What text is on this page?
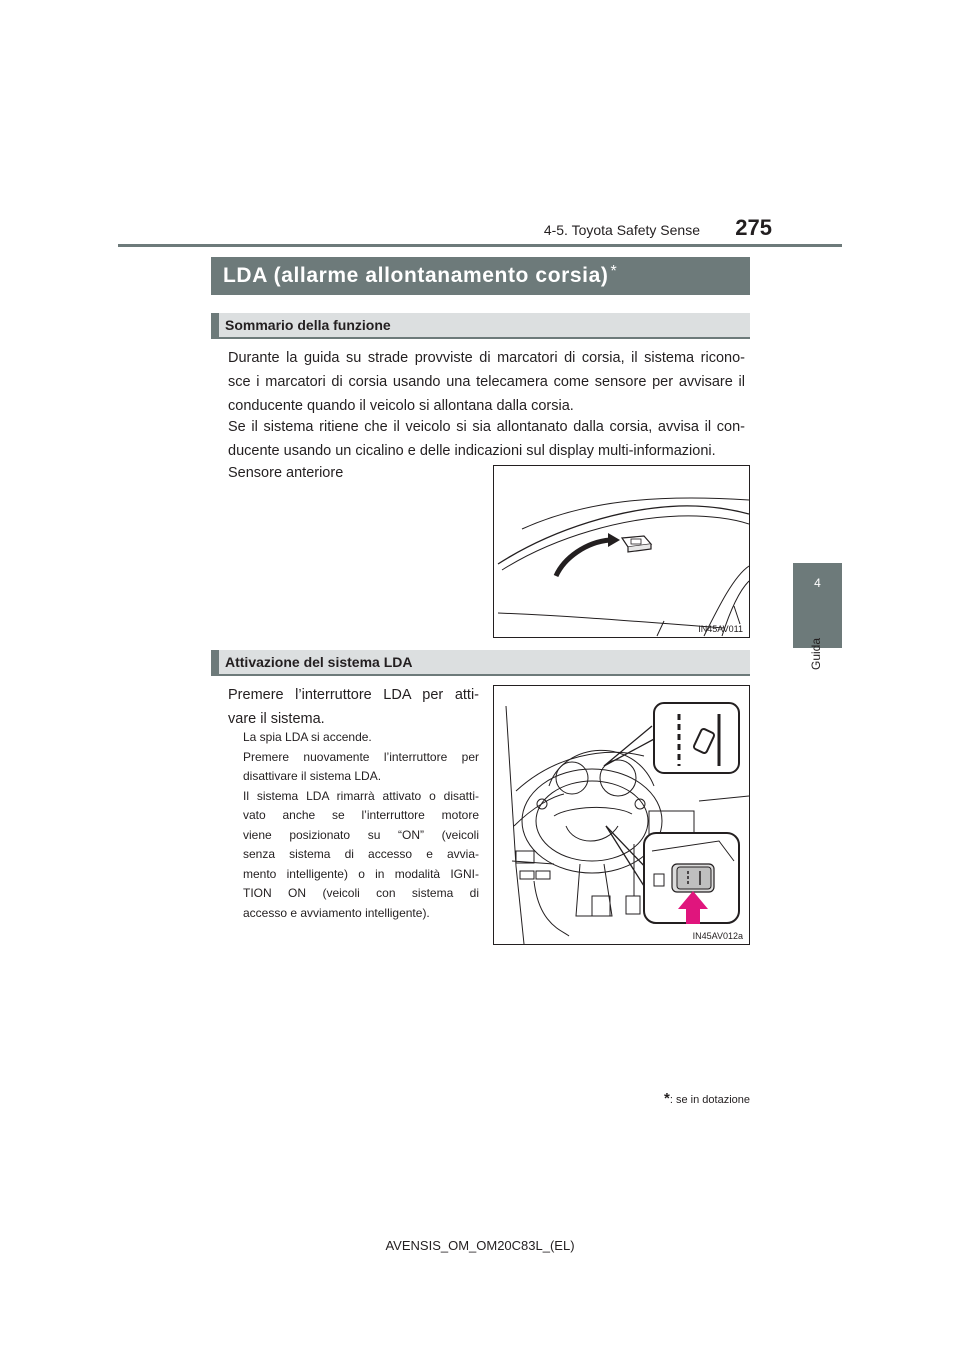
4-5. Toyota Safety Sense	275
4
Guida
LDA (allarme allontanamento corsia) *
Sommario della funzione
Durante la guida su strade provviste di marcatori di corsia, il sistema ricono-
sce i marcatori di corsia usando una telecamera come sensore per avvisare il
conducente quando il veicolo si allontana dalla corsia.
Se il sistema ritiene che il veicolo si sia allontanato dalla corsia, avvisa il con-
ducente usando un cicalino e delle indicazioni sul display multi-informazioni.
Sensore anteriore
IN45AV011
Attivazione del sistema LDA
Premere l’interruttore LDA per atti-
vare il sistema.
La spia LDA si accende.
Premere nuovamente l’interruttore per
disattivare il sistema LDA.
Il sistema LDA rimarrà attivato o disatti-
vato anche se l’interruttore motore
viene posizionato su “ON” (veicoli
senza sistema di accesso e avvia-
mento intelligente) o in modalità IGNI-
TION ON (veicoli con sistema di
accesso e avviamento intelligente).
IN45AV012a
*: se in dotazione
AVENSIS_OM_OM20C83L_(EL)
